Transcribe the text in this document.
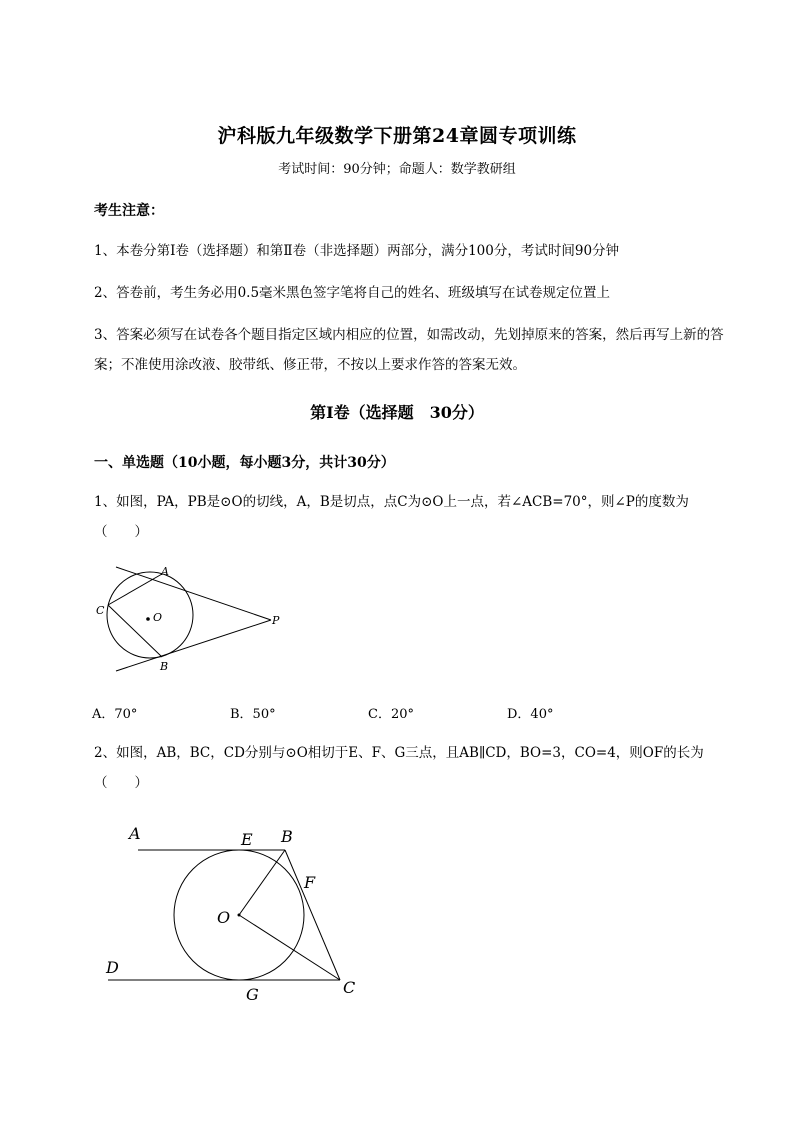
沪科版九年级数学下册第24章圆专项训练
考试时间：90分钟；命题人：数学教研组
考生注意：
1、本卷分第I卷（选择题）和第Ⅱ卷（非选择题）两部分，满分100分，考试时间90分钟
2、答卷前，考生务必用0.5毫米黑色签字笔将自己的姓名、班级填写在试卷规定位置上
3、答案必须写在试卷各个题目指定区域内相应的位置，如需改动，先划掉原来的答案，然后再写上新的答案；不准使用涂改液、胶带纸、修正带，不按以上要求作答的答案无效。
第I卷（选择题　30分）
一、单选题（10小题，每小题3分，共计30分）
1、如图，PA，PB是⊙O的切线，A，B是切点，点C为⊙O上一点，若∠ACB=70°，则∠P的度数为（　　）
A
C
O	P
B
A．70°	B．50°	C．20°	D．40°
2、如图，AB，BC，CD分别与⊙O相切于E、F、G三点，且AB∥CD，BO=3，CO=4，则OF的长为（　　）
A	E B
F
O
D
G	C
